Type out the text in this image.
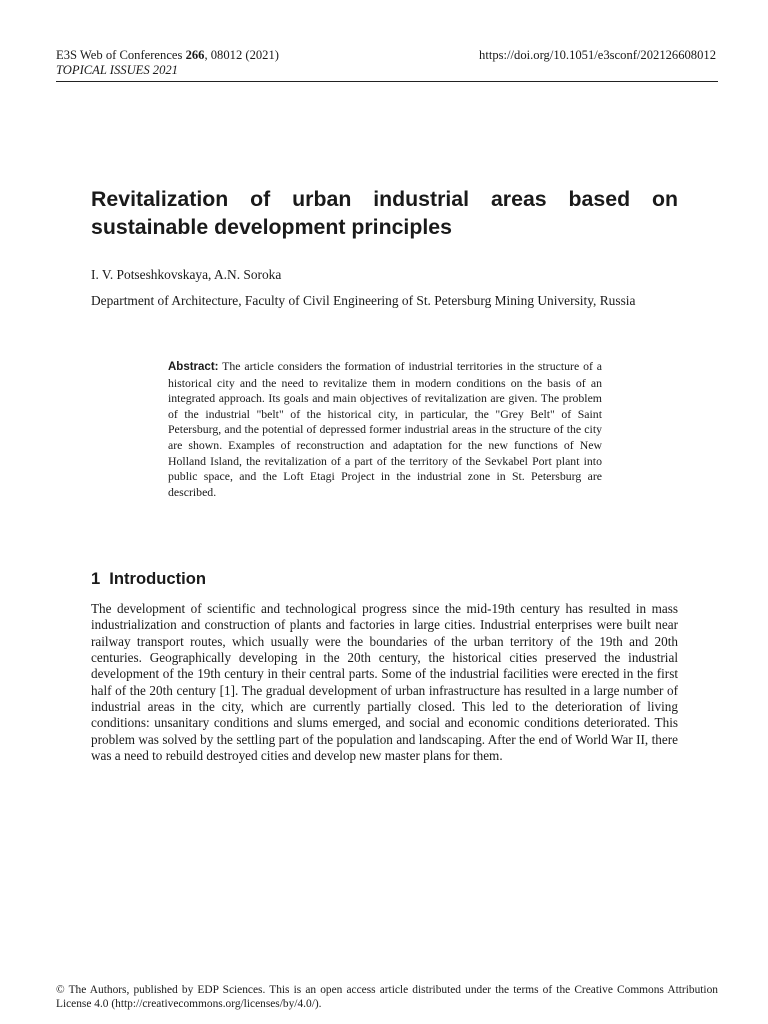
E3S Web of Conferences 266, 08012 (2021)
TOPICAL ISSUES 2021
https://doi.org/10.1051/e3sconf/202126608012
Revitalization of urban industrial areas based on sustainable development principles
I. V. Potseshkovskaya, A.N. Soroka
Department of Architecture, Faculty of Civil Engineering of St. Petersburg Mining University, Russia

Abstract: The article considers the formation of industrial territories in the structure of a historical city and the need to revitalize them in modern conditions on the basis of an integrated approach. Its goals and main objectives of revitalization are given. The problem of the industrial "belt" of the historical city, in particular, the "Grey Belt" of Saint Petersburg, and the potential of depressed former industrial areas in the structure of the city are shown. Examples of reconstruction and adaptation for the new functions of New Holland Island, the revitalization of a part of the territory of the Sevkabel Port plant into public space, and the Loft Etagi Project in the industrial zone in St. Petersburg are described.

1 Introduction

The development of scientific and technological progress since the mid-19th century has resulted in mass industrialization and construction of plants and factories in large cities. Industrial enterprises were built near railway transport routes, which usually were the boundaries of the urban territory of the 19th and 20th centuries. Geographically developing in the 20th century, the historical cities preserved the industrial development of the 19th century in their central parts. Some of the industrial facilities were erected in the first half of the 20th century [1]. The gradual development of urban infrastructure has resulted in a large number of industrial areas in the city, which are currently partially closed. This led to the deterioration of living conditions: unsanitary conditions and slums emerged, and social and economic conditions deteriorated. This problem was solved by the settling part of the population and landscaping. After the end of World War II, there was a need to rebuild destroyed cities and develop new master plans for them.

© The Authors, published by EDP Sciences. This is an open access article distributed under the terms of the Creative Commons Attribution License 4.0 (http://creativecommons.org/licenses/by/4.0/).
